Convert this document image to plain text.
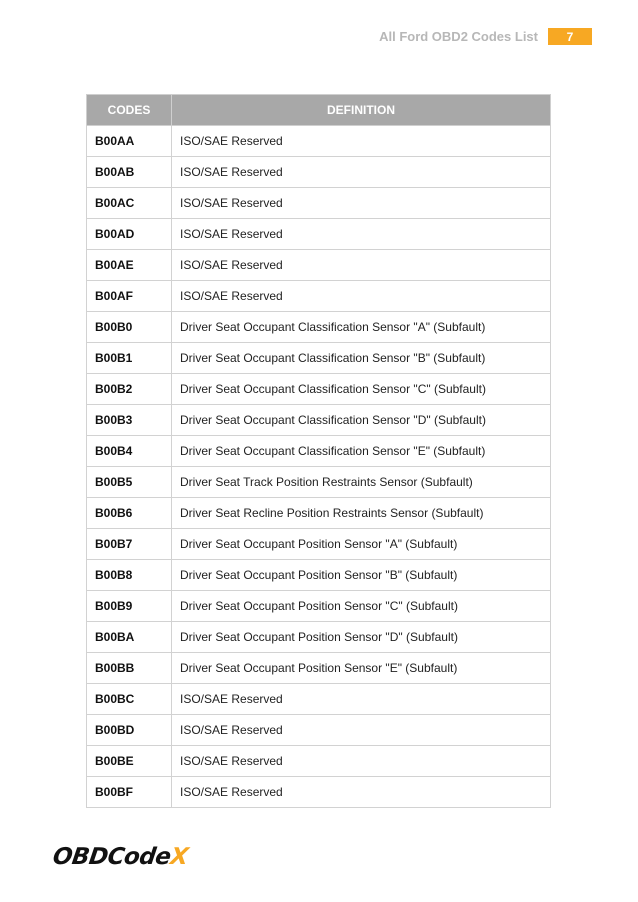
All Ford OBD2 Codes List	7
CODES	DEFINITION
B00AA	ISO/SAE Reserved
B00AB	ISO/SAE Reserved
B00AC	ISO/SAE Reserved
B00AD	ISO/SAE Reserved
B00AE	ISO/SAE Reserved
B00AF	ISO/SAE Reserved
B00B0	Driver Seat Occupant Classification Sensor "A" (Subfault)
B00B1	Driver Seat Occupant Classification Sensor "B" (Subfault)
B00B2	Driver Seat Occupant Classification Sensor "C" (Subfault)
B00B3	Driver Seat Occupant Classification Sensor "D" (Subfault)
B00B4	Driver Seat Occupant Classification Sensor "E" (Subfault)
B00B5	Driver Seat Track Position Restraints Sensor (Subfault)
B00B6	Driver Seat Recline Position Restraints Sensor (Subfault)
B00B7	Driver Seat Occupant Position Sensor "A" (Subfault)
B00B8	Driver Seat Occupant Position Sensor "B" (Subfault)
B00B9	Driver Seat Occupant Position Sensor "C" (Subfault)
B00BA	Driver Seat Occupant Position Sensor "D" (Subfault)
B00BB	Driver Seat Occupant Position Sensor "E" (Subfault)
B00BC	ISO/SAE Reserved
B00BD	ISO/SAE Reserved
B00BE	ISO/SAE Reserved
B00BF	ISO/SAE Reserved
OBDCodeX
